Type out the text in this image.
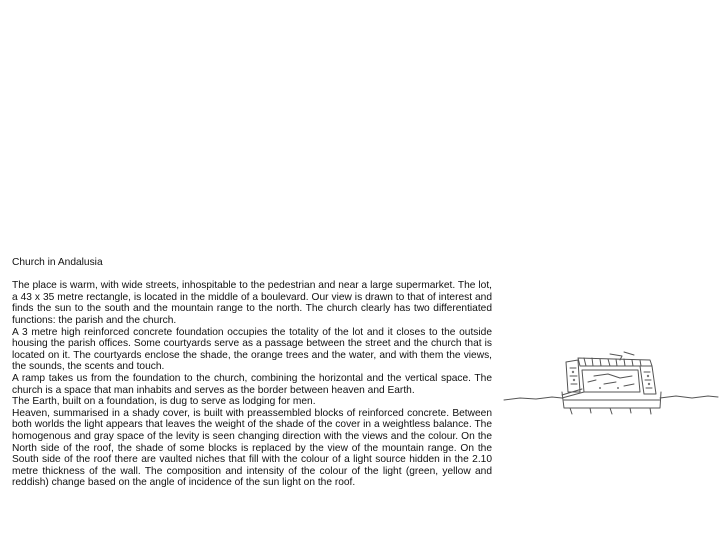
Church in Andalusia

The place is warm, with wide streets, inhospitable to the pedestrian and near a large supermarket. The lot, a 43 x 35 metre rectangle, is located in the middle of a boulevard. Our view is drawn to that of interest and finds the sun to the south and the mountain range to the north. The church clearly has two differentiated functions: the parish and the church.

A 3 metre high reinforced concrete foundation occupies the totality of the lot and it closes to the outside housing the parish offices. Some courtyards serve as a passage between the street and the church that is located on it. The courtyards enclose the shade, the orange trees and the water, and with them the views, the sounds, the scents and touch.

A ramp takes us from the foundation to the church, combining the horizontal and the vertical space. The church is a space that man inhabits and serves as the border between heaven and Earth.

The Earth, built on a foundation, is dug to serve as lodging for men.

Heaven, summarised in a shady cover, is built with preassembled blocks of reinforced concrete. Between both worlds the light appears that leaves the weight of the shade of the cover in a weightless balance. The homogenous and gray space of the levity is seen changing direction with the views and the colour. On the North side of the roof, the shade of some blocks is replaced by the view of the mountain range. On the South side of the roof there are vaulted niches that fill with the colour of a light source hidden in the 2.10 metre thickness of the wall. The composition and intensity of the colour of the light (green, yellow and reddish) change based on the angle of incidence of the sun light on the roof.
